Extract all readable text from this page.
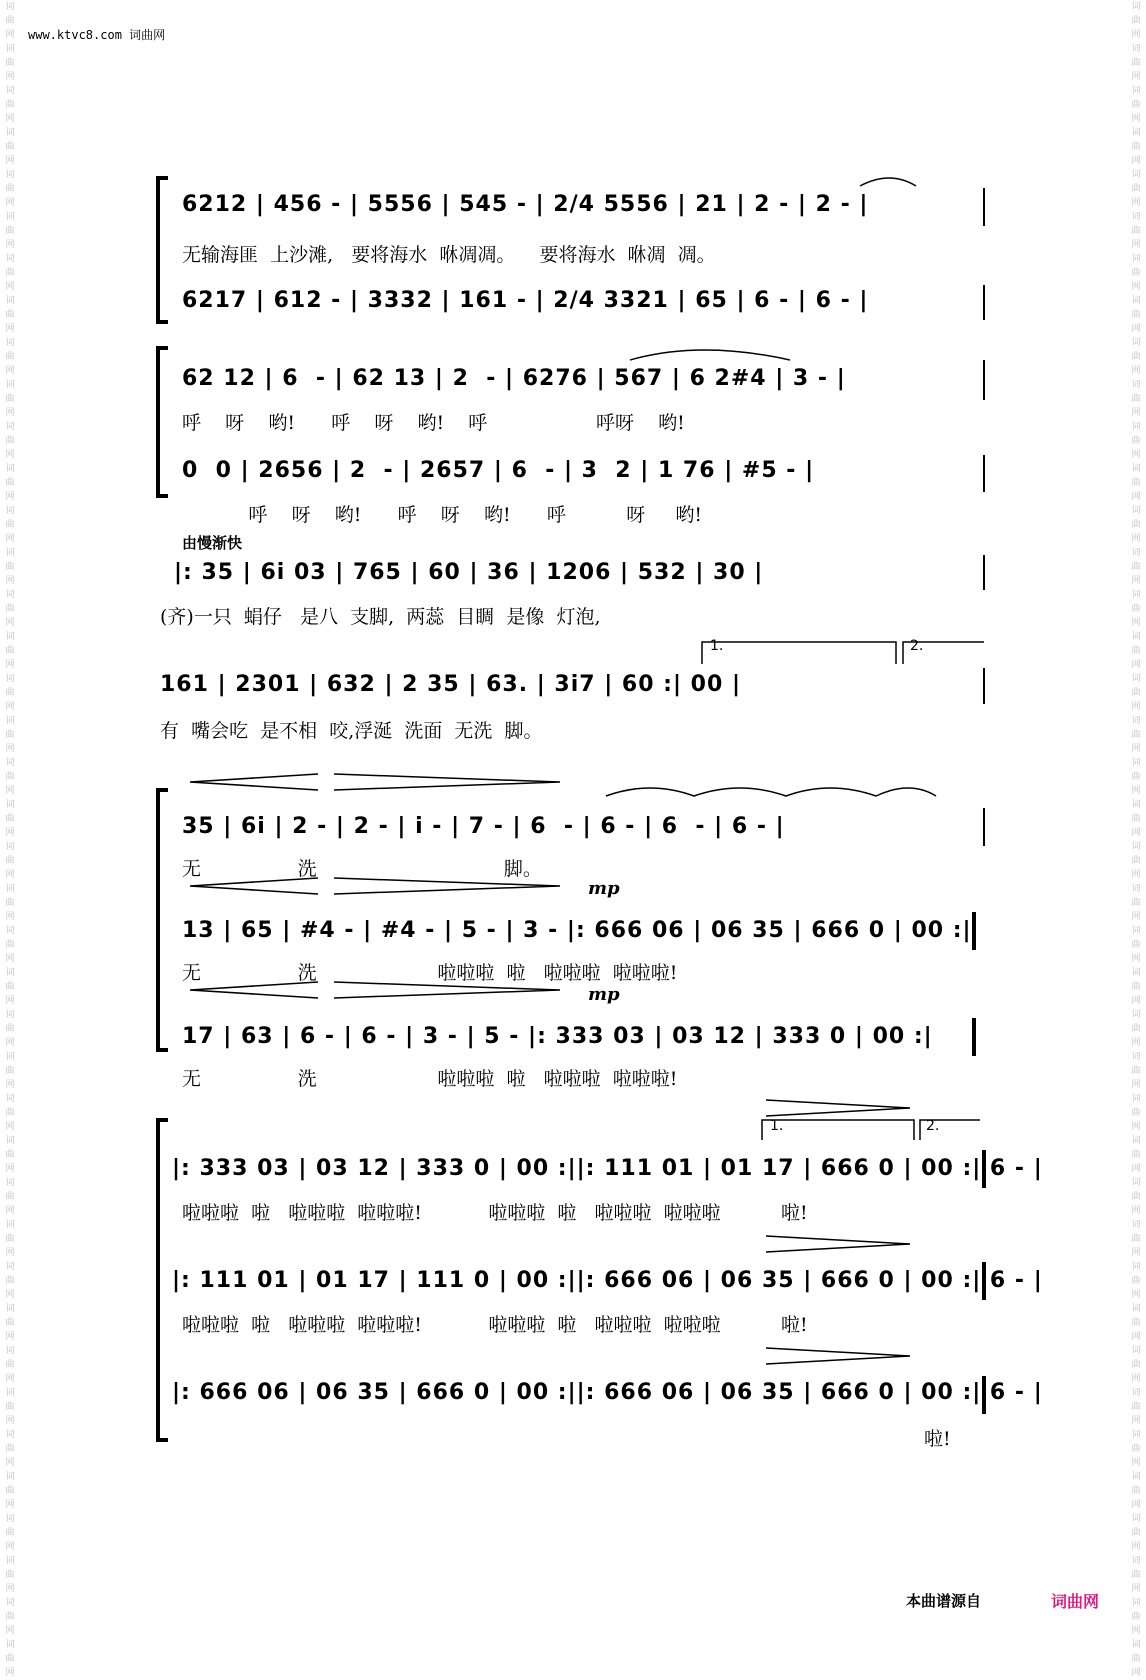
www.ktvc8.com 词曲网
词曲网 词曲网 词曲网 词曲网 词曲网 词曲网 词曲网 词曲网 词曲网 词曲网 词曲网 词曲网 词曲网 词曲网 词曲网 词曲网 词曲网 词曲网 词曲网 词曲网 词曲网 词曲网 词曲网 词曲网 词曲网 词曲网 词曲网 词曲网 词曲网 词曲网 词曲网 词曲网 词曲网 词曲网 词曲网 词曲网 词曲网 词曲网 词曲网 词曲网
词曲网 词曲网 词曲网 词曲网 词曲网 词曲网 词曲网 词曲网 词曲网 词曲网 词曲网 词曲网 词曲网 词曲网 词曲网 词曲网 词曲网 词曲网 词曲网 词曲网 词曲网 词曲网 词曲网 词曲网 词曲网 词曲网 词曲网 词曲网 词曲网 词曲网 词曲网 词曲网 词曲网 词曲网 词曲网 词曲网 词曲网 词曲网 词曲网 词曲网
由慢渐快
mp
mp
1.	2.
1.	2.
6212 | 456 - | 5556 | 545 - | 2/4 5556 | 21 | 2 - | 2 - |
无输海匪  上沙滩,   要将海水  咻凋凋。    要将海水  咻凋  凋。
6217 | 612 - | 3332 | 161 - | 2/4 3321 | 65 | 6 - | 6 - |
62 12 | 6  - | 62 13 | 2  - | 6276 | 567 | 6 2#4 | 3 - |
呼    呀    哟!      呼    呀    哟!    呼                  呼呀    哟!
0  0 | 2656 | 2  - | 2657 | 6  - | 3  2 | 1 76 | #5 - |
呼    呀    哟!      呼    呀    哟!      呼          呀     哟!
|: 35 | 6i 03 | 765 | 60 | 36 | 1206 | 532 | 30 |
(齐)一只  蜎仔   是八  支脚,  两蕊  目睭  是像  灯泡,
161 | 2301 | 632 | 2 35 | 63. | 3i7 | 60 :| 00 |
有  嘴会吃  是不相  咬,浮涎  洗面  无洗  脚。
35 | 6i | 2 - | 2 - | i - | 7 - | 6  - | 6 - | 6  - | 6 - |
无                洗                               脚。
13 | 65 | #4 - | #4 - | 5 - | 3 - |: 666 06 | 06 35 | 666 0 | 00 :|
无                洗                    啦啦啦  啦   啦啦啦  啦啦啦!
17 | 63 | 6 - | 6 - | 3 - | 5 - |: 333 03 | 03 12 | 333 0 | 00 :|
无                洗                    啦啦啦  啦   啦啦啦  啦啦啦!
|: 333 03 | 03 12 | 333 0 | 00 :||: 111 01 | 01 17 | 666 0 | 00 :| 6 - |
啦啦啦  啦   啦啦啦  啦啦啦!           啦啦啦  啦   啦啦啦  啦啦啦          啦!
|: 111 01 | 01 17 | 111 0 | 00 :||: 666 06 | 06 35 | 666 0 | 00 :| 6 - |
啦啦啦  啦   啦啦啦  啦啦啦!           啦啦啦  啦   啦啦啦  啦啦啦          啦!
|: 666 06 | 06 35 | 666 0 | 00 :||: 666 06 | 06 35 | 666 0 | 00 :| 6 - |
啦!
本曲谱源自	词曲网
